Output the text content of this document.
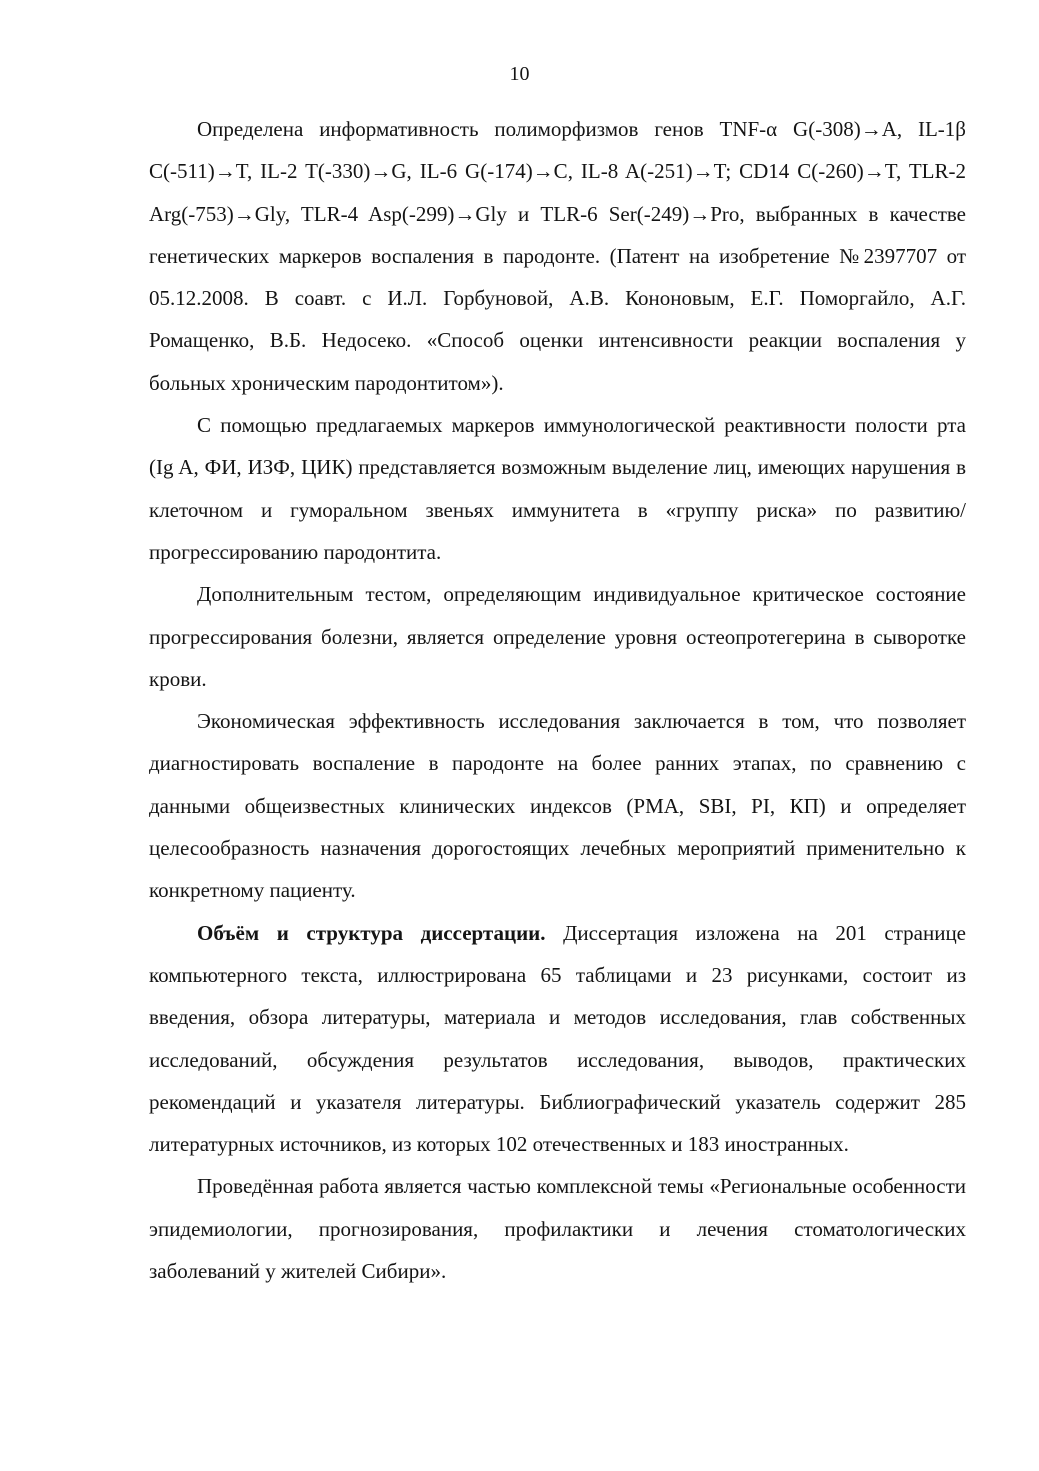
10

Определена информативность полиморфизмов генов TNF-α G(-308)→A, IL-1β C(-511)→T, IL-2 T(-330)→G, IL-6 G(-174)→C, IL-8 A(-251)→T; CD14 C(-260)→T, TLR-2 Arg(-753)→Gly, TLR-4 Asp(-299)→Gly и TLR-6 Ser(-249)→Pro, выбранных в качестве генетических маркеров воспаления в пародонте. (Патент на изобретение №2397707 от 05.12.2008. В соавт. с И.Л. Горбуновой, А.В. Кононовым, Е.Г. Поморгайло, А.Г. Ромащенко, В.Б. Недосеко. «Способ оценки интенсивности реакции воспаления у больных хроническим пародонтитом»).

С помощью предлагаемых маркеров иммунологической реактивности полости рта (Ig A, ФИ, ИЗФ, ЦИК) представляется возможным выделение лиц, имеющих нарушения в клеточном и гуморальном звеньях иммунитета в «группу риска» по развитию/прогрессированию пародонтита.

Дополнительным тестом, определяющим индивидуальное критическое состояние прогрессирования болезни, является определение уровня остеопротегерина в сыворотке крови.

Экономическая эффективность исследования заключается в том, что позволяет диагностировать воспаление в пародонте на более ранних этапах, по сравнению с данными общеизвестных клинических индексов (PMA, SBI, PI, КП) и определяет целесообразность назначения дорогостоящих лечебных мероприятий применительно к конкретному пациенту.

Объём и структура диссертации. Диссертация изложена на 201 странице компьютерного текста, иллюстрирована 65 таблицами и 23 рисунками, состоит из введения, обзора литературы, материала и методов исследования, глав собственных исследований, обсуждения результатов исследования, выводов, практических рекомендаций и указателя литературы. Библиографический указатель содержит 285 литературных источников, из которых 102 отечественных и 183 иностранных.

Проведённая работа является частью комплексной темы «Региональные особенности эпидемиологии, прогнозирования, профилактики и лечения стоматологических заболеваний у жителей Сибири».
